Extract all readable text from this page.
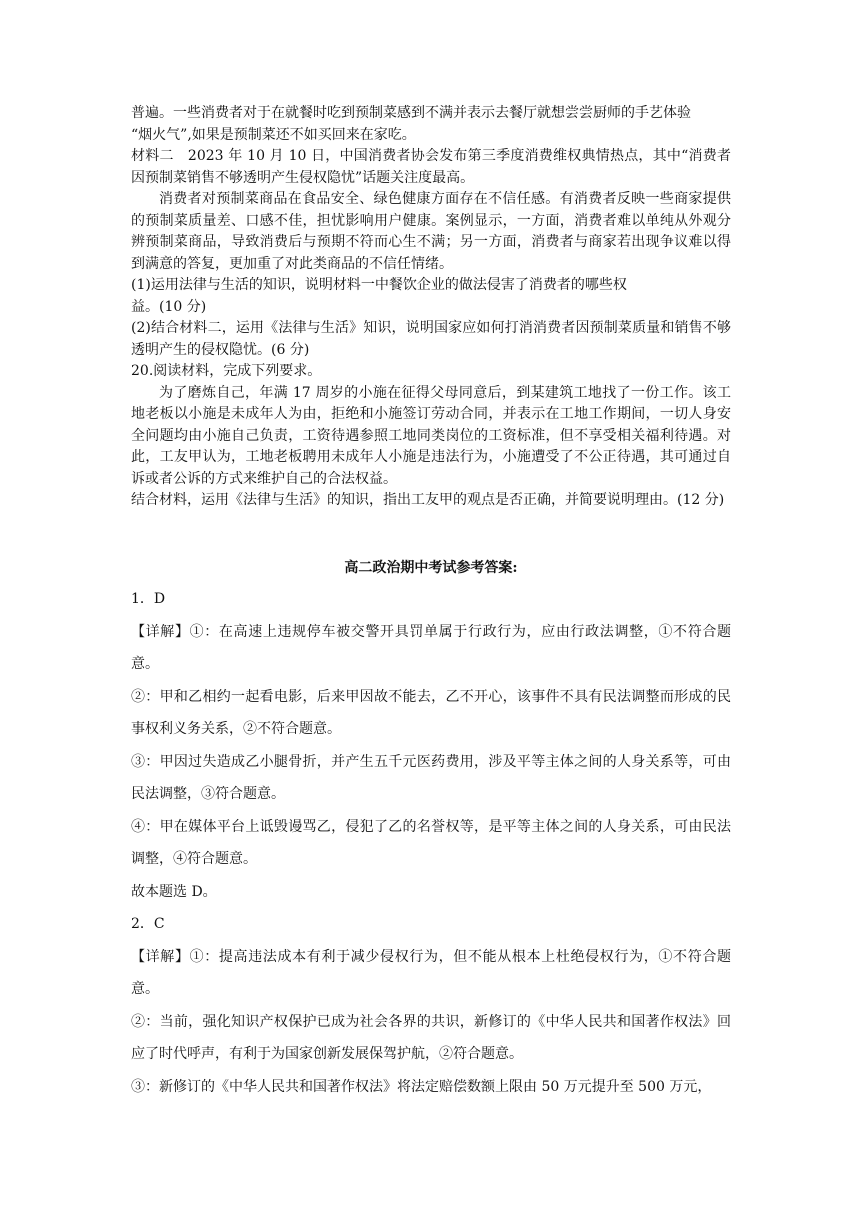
普遍。一些消费者对于在就餐时吃到预制菜感到不满并表示去餐厅就想尝尝厨师的手艺体验

“烟火气”,如果是预制菜还不如买回来在家吃。

材料二　2023 年 10 月 10 日，中国消费者协会发布第三季度消费维权典情热点，其中“消费者因预制菜销售不够透明产生侵权隐忧”话题关注度最高。

消费者对预制菜商品在食品安全、绿色健康方面存在不信任感。有消费者反映一些商家提供的预制菜质量差、口感不佳，担忧影响用户健康。案例显示，一方面，消费者难以单纯从外观分辨预制菜商品，导致消费后与预期不符而心生不满；另一方面，消费者与商家若出现争议难以得到满意的答复，更加重了对此类商品的不信任情绪。

(1)运用法律与生活的知识，说明材料一中餐饮企业的做法侵害了消费者的哪些权

益。(10 分)

(2)结合材料二，运用《法律与生活》知识，说明国家应如何打消消费者因预制菜质量和销售不够透明产生的侵权隐忧。(6 分)

20.阅读材料，完成下列要求。

为了磨炼自己，年满 17 周岁的小施在征得父母同意后，到某建筑工地找了一份工作。该工地老板以小施是未成年人为由，拒绝和小施签订劳动合同，并表示在工地工作期间，一切人身安全问题均由小施自己负责，工资待遇参照工地同类岗位的工资标准，但不享受相关福利待遇。对此，工友甲认为，工地老板聘用未成年人小施是违法行为，小施遭受了不公正待遇，其可通过自诉或者公诉的方式来维护自己的合法权益。

结合材料，运用《法律与生活》的知识，指出工友甲的观点是否正确，并简要说明理由。(12 分)

高二政治期中考试参考答案:

1．D

【详解】①：在高速上违规停车被交警开具罚单属于行政行为，应由行政法调整，①不符合题意。

②：甲和乙相约一起看电影，后来甲因故不能去，乙不开心，该事件不具有民法调整而形成的民事权利义务关系，②不符合题意。

③：甲因过失造成乙小腿骨折，并产生五千元医药费用，涉及平等主体之间的人身关系等，可由民法调整，③符合题意。

④：甲在媒体平台上诋毁谩骂乙，侵犯了乙的名誉权等，是平等主体之间的人身关系，可由民法调整，④符合题意。

故本题选 D。

2．C

【详解】①：提高违法成本有利于减少侵权行为，但不能从根本上杜绝侵权行为，①不符合题意。

②：当前，强化知识产权保护已成为社会各界的共识，新修订的《中华人民共和国著作权法》回应了时代呼声，有利于为国家创新发展保驾护航，②符合题意。

③：新修订的《中华人民共和国著作权法》将法定赔偿数额上限由 50 万元提升至 500 万元，
